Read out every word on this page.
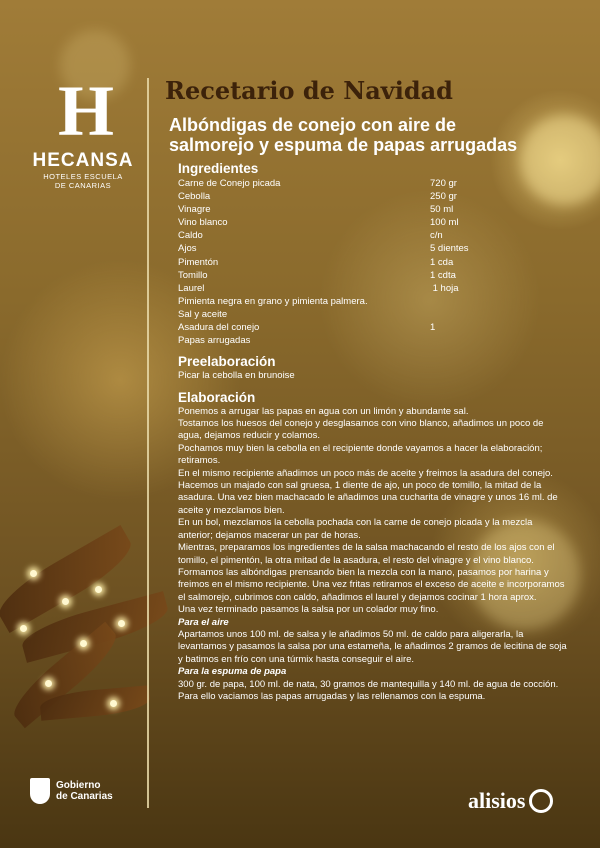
H
HECANSA
HOTELES ESCUELA
DE CANARIAS
Recetario de Navidad
Albóndigas de conejo con aire de
salmorejo y espuma de papas arrugadas
Ingredientes
Carne de Conejo picada	720 gr
Cebolla	250 gr
Vinagre	50 ml
Vino blanco	100 ml
Caldo	c/n
Ajos	5 dientes
Pimentón	1 cda
Tomillo	1 cdta
Laurel	1 hoja
Pimienta negra en grano y pimienta palmera.
Sal y aceite
Asadura del conejo	1
Papas arrugadas
Preelaboración

Picar la cebolla en brunoise

Elaboración

Ponemos a arrugar las papas en agua con un limón y abundante sal.

Tostamos los huesos del conejo y desglasamos con vino blanco, añadimos un poco de agua, dejamos reducir y colamos.

Pochamos muy bien la cebolla en el recipiente donde vayamos a hacer la elaboración; retiramos.

En el mismo recipiente añadimos un poco más de aceite y freimos la asadura del conejo.

Hacemos un majado con sal gruesa, 1 diente de ajo, un poco de tomillo, la mitad de la asadura. Una vez bien machacado le añadimos una cucharita de vinagre y unos 16 ml. de aceite y mezclamos bien.

En un bol, mezclamos la cebolla pochada con la carne de conejo picada y la mezcla anterior; dejamos macerar un par de horas.

Mientras, preparamos los ingredientes de la salsa machacando el resto de los ajos con el tomillo, el pimentón, la otra mitad de la asadura, el resto del vinagre y el vino blanco.

Formamos las albóndigas prensando bien la mezcla con la mano, pasamos por harina y freimos en el mismo recipiente. Una vez fritas retiramos el exceso de aceite e incorporamos el salmorejo, cubrimos con caldo, añadimos el laurel y dejamos cocinar 1 hora aprox.

Una vez terminado pasamos la salsa por un colador muy fino.

Para el aire

Apartamos unos 100 ml. de salsa y le añadimos 50 ml. de caldo para aligerarla, la levantamos y pasamos la salsa por una estameña, le añadimos 2 gramos de lecitina de soja y batimos en frío con una túrmix hasta conseguir el aire.

Para la espuma de papa

300 gr. de papa, 100 ml. de nata, 30 gramos de mantequilla y 140 ml. de agua de cocción.

Para ello vaciamos las papas arrugadas y las rellenamos con la espuma.

Gobierno
de Canarias	alisios
